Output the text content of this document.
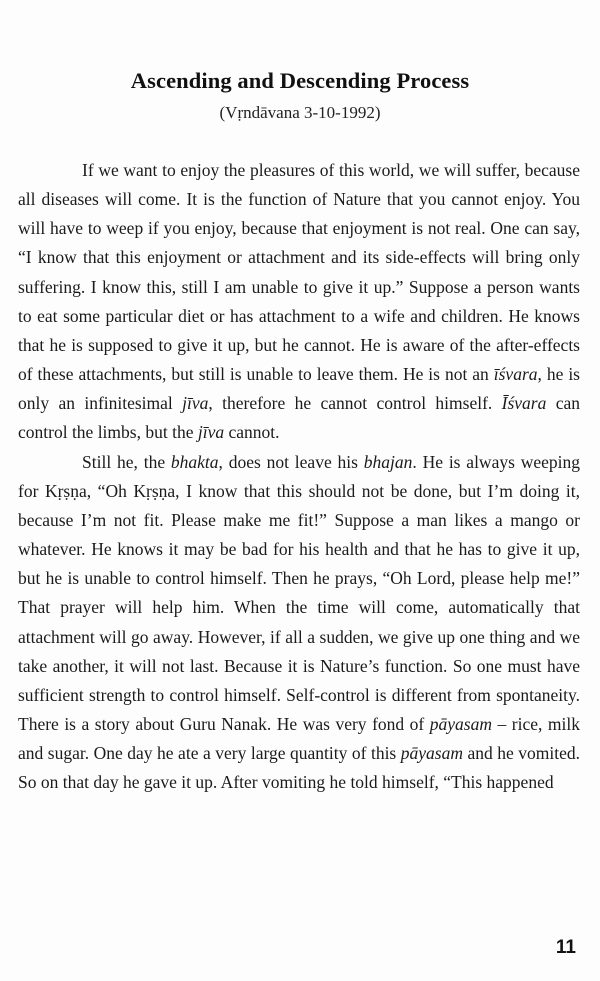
Ascending and Descending Process
(Vṛndāvana 3-10-1992)

If we want to enjoy the pleasures of this world, we will suffer, because all diseases will come. It is the function of Nature that you cannot enjoy. You will have to weep if you enjoy, because that enjoyment is not real. One can say, “I know that this enjoyment or attachment and its side-effects will bring only suffering. I know this, still I am unable to give it up.” Suppose a person wants to eat some particular diet or has attachment to a wife and children. He knows that he is supposed to give it up, but he cannot. He is aware of the after-effects of these attachments, but still is unable to leave them. He is not an īśvara, he is only an infinitesimal jīva, therefore he cannot control himself. Īśvara can control the limbs, but the jīva cannot.

Still he, the bhakta, does not leave his bhajan. He is always weeping for Kṛṣṇa, “Oh Kṛṣṇa, I know that this should not be done, but I’m doing it, because I’m not fit. Please make me fit!” Suppose a man likes a mango or whatever. He knows it may be bad for his health and that he has to give it up, but he is unable to control himself. Then he prays, “Oh Lord, please help me!” That prayer will help him. When the time will come, automatically that attachment will go away. However, if all a sudden, we give up one thing and we take another, it will not last. Because it is Nature’s function. So one must have sufficient strength to control himself. Self-control is different from spontaneity. There is a story about Guru Nanak. He was very fond of pāyasam – rice, milk and sugar. One day he ate a very large quantity of this pāyasam and he vomited. So on that day he gave it up. After vomiting he told himself, “This happened

11
